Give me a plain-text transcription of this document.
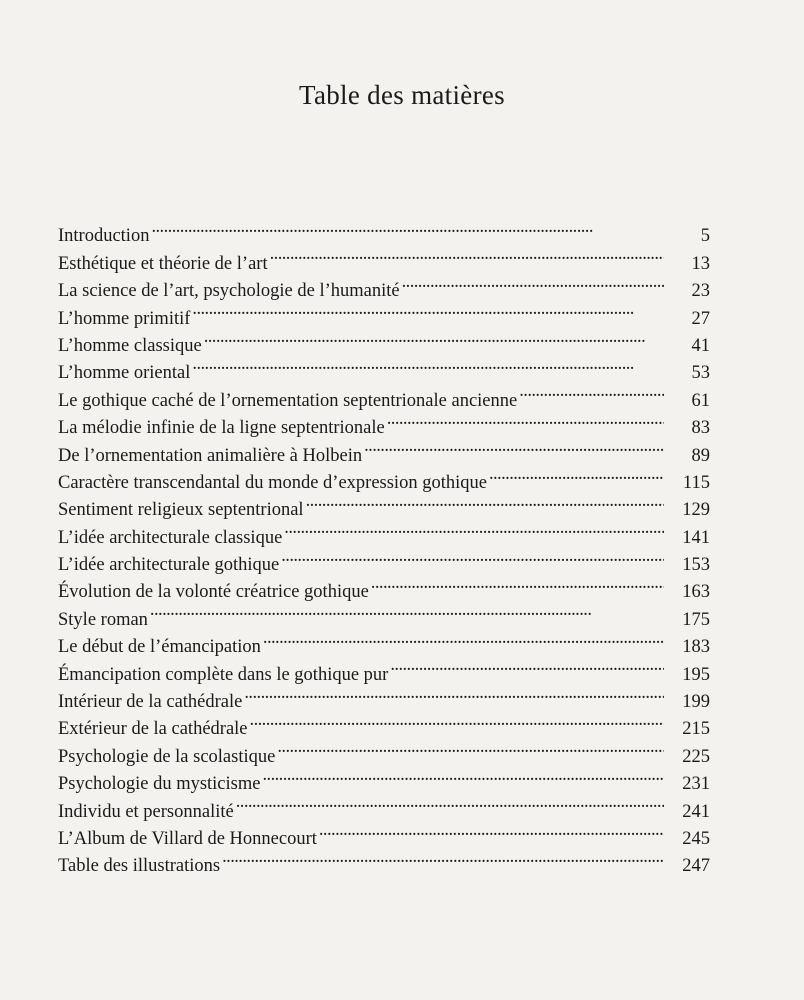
Table des matières
Introduction . . .	5
Esthétique et théorie de l’art . . .	13
La science de l’art, psychologie de l’humanité . . .	23
L’homme primitif . . .	27
L’homme classique . . .	41
L’homme oriental . . .	53
Le gothique caché de l’ornementation septentrionale ancienne . . .	61
La mélodie infinie de la ligne septentrionale . . .	83
De l’ornementation animalière à Holbein . . .	89
Caractère transcendantal du monde d’expression gothique . . .	115
Sentiment religieux septentrional . . .	129
L’idée architecturale classique . . .	141
L’idée architecturale gothique . . .	153
Évolution de la volonté créatrice gothique . . .	163
Style roman . . .	175
Le début de l’émancipation . . .	183
Émancipation complète dans le gothique pur . . .	195
Intérieur de la cathédrale . . .	199
Extérieur de la cathédrale . . .	215
Psychologie de la scolastique . . .	225
Psychologie du mysticisme . . .	231
Individu et personnalité . . .	241
L’Album de Villard de Honnecourt . . .	245
Table des illustrations . . .	247
